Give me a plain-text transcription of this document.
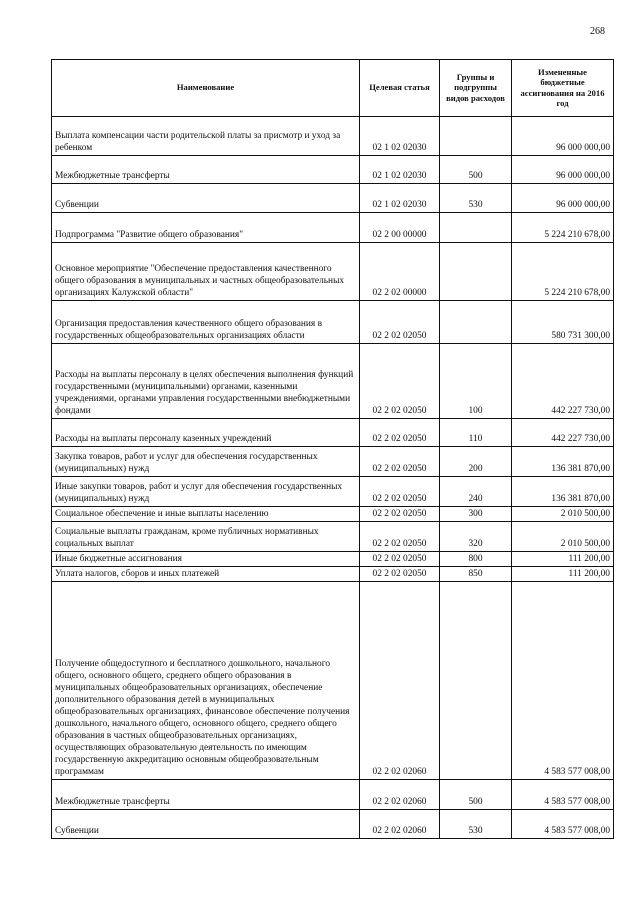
268
Наименование	Целевая статья	Группы и подгруппы видов расходов	Измененные бюджетные ассигнования на 2016 год
Выплата компенсации части родительской платы за присмотр и уход за ребенком	02 1 02 02030		96 000 000,00
Межбюджетные трансферты	02 1 02 02030	500	96 000 000,00
Субвенции	02 1 02 02030	530	96 000 000,00
Подпрограмма "Развитие общего образования"	02 2 00 00000		5 224 210 678,00
Основное мероприятие "Обеспечение предоставления качественного общего образования в муниципальных и частных общеобразовательных организациях Калужской области"	02 2 02 00000		5 224 210 678,00
Организация предоставления качественного общего образования в государственных общеобразовательных организациях области	02 2 02 02050		580 731 300,00
Расходы на выплаты персоналу в целях обеспечения выполнения функций государственными (муниципальными) органами, казенными учреждениями, органами управления государственными внебюджетными фондами	02 2 02 02050	100	442 227 730,00
Расходы на выплаты персоналу казенных учреждений	02 2 02 02050	110	442 227 730,00
Закупка товаров, работ и услуг для обеспечения государственных (муниципальных) нужд	02 2 02 02050	200	136 381 870,00
Иные закупки товаров, работ и услуг для обеспечения государственных (муниципальных) нужд	02 2 02 02050	240	136 381 870,00
Социальное обеспечение и иные выплаты населению	02 2 02 02050	300	2 010 500,00
Социальные выплаты гражданам, кроме публичных нормативных социальных выплат	02 2 02 02050	320	2 010 500,00
Иные бюджетные ассигнования	02 2 02 02050	800	111 200,00
Уплата налогов, сборов и иных платежей	02 2 02 02050	850	111 200,00
Получение общедоступного и бесплатного дошкольного, начального общего, основного общего, среднего общего образования в муниципальных общеобразовательных организациях, обеспечение дополнительного образования детей в муниципальных общеобразовательных организациях, финансовое обеспечение получения дошкольного, начального общего, основного общего, среднего общего образования в частных общеобразовательных организациях, осуществляющих образовательную деятельность по имеющим государственную аккредитацию основным общеобразовательным программам	02 2 02 02060		4 583 577 008,00
Межбюджетные трансферты	02 2 02 02060	500	4 583 577 008,00
Субвенции	02 2 02 02060	530	4 583 577 008,00
